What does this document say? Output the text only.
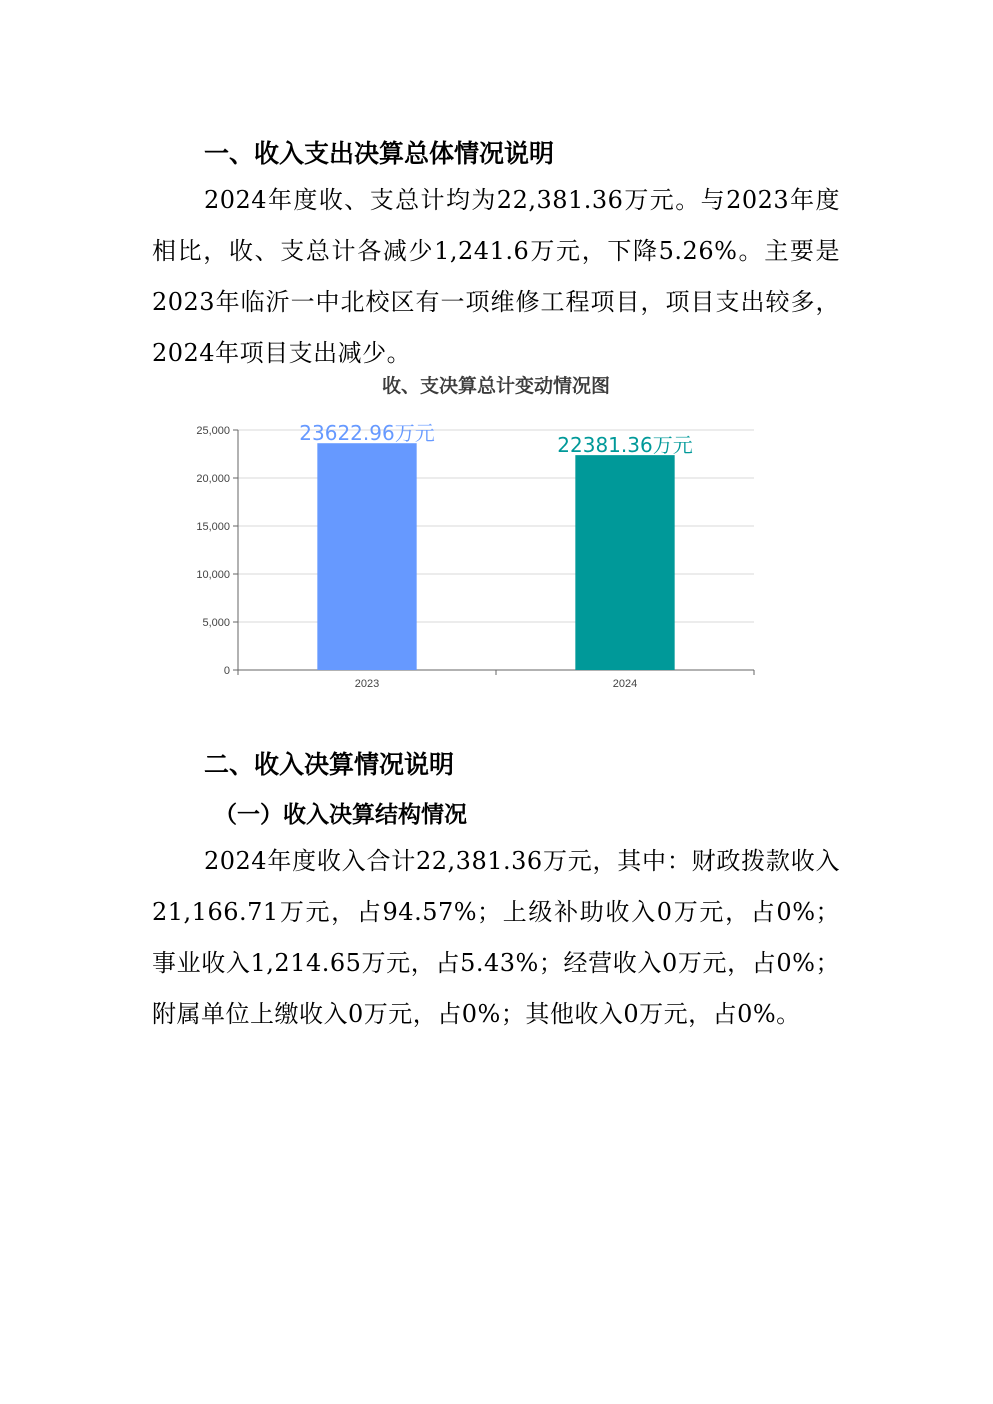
一、收入支出决算总体情况说明

2024年度收、支总计均为22,381.36万元。与2023年度相比，收、支总计各减少1,241.6万元，下降5.26%。主要是2023年临沂一中北校区有一项维修工程项目，项目支出较多，2024年项目支出减少。

收、支决算总计变动情况图
0
5,000
10,000
15,000
20,000
25,000
2023	2024
23622.96万元	22381.36万元
二、收入决算情况说明
（一）收入决算结构情况

2024年度收入合计22,381.36万元，其中：财政拨款收入21,166.71万元，占94.57%；上级补助收入0万元，占0%；事业收入1,214.65万元，占5.43%；经营收入0万元，占0%；附属单位上缴收入0万元，占0%；其他收入0万元，占0%。
